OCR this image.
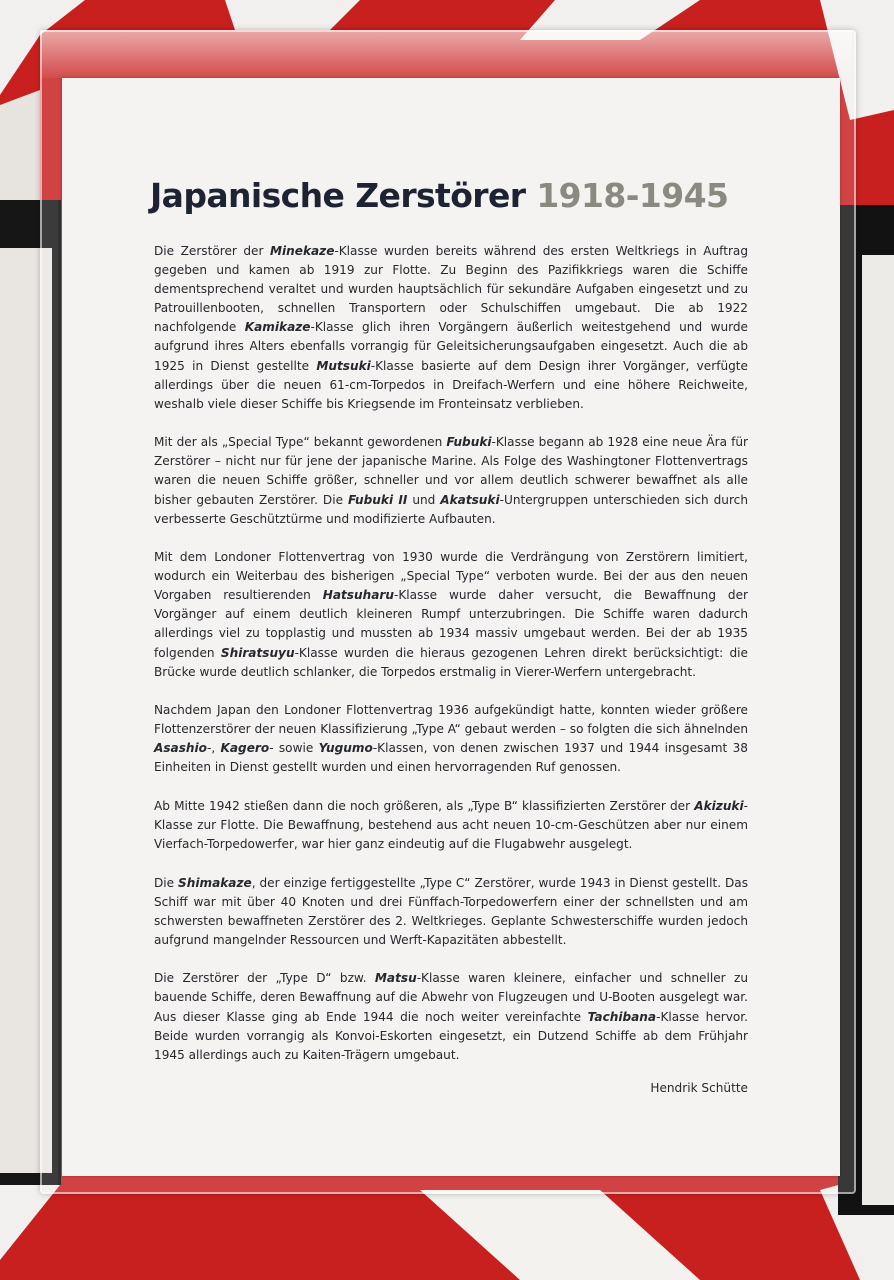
Japanische Zerstörer 1918-1945

Die Zerstörer der Minekaze-Klasse wurden bereits während des ersten Weltkriegs in Auftrag gegeben und kamen ab 1919 zur Flotte. Zu Beginn des Pazifikkriegs waren die Schiffe dementsprechend veraltet und wurden hauptsächlich für sekundäre Aufgaben eingesetzt und zu Patrouillenbooten, schnellen Transportern oder Schulschiffen umgebaut. Die ab 1922 nachfolgende Kamikaze-Klasse glich ihren Vorgängern äußerlich weitestgehend und wurde aufgrund ihres Alters ebenfalls vorrangig für Geleitsicherungsaufgaben eingesetzt. Auch die ab 1925 in Dienst gestellte Mutsuki-Klasse basierte auf dem Design ihrer Vorgänger, verfügte allerdings über die neuen 61-cm-Torpedos in Dreifach-Werfern und eine höhere Reichweite, weshalb viele dieser Schiffe bis Kriegsende im Fronteinsatz verblieben.

Mit der als „Special Type“ bekannt gewordenen Fubuki-Klasse begann ab 1928 eine neue Ära für Zerstörer – nicht nur für jene der japanische Marine. Als Folge des Washingtoner Flottenvertrags waren die neuen Schiffe größer, schneller und vor allem deutlich schwerer bewaffnet als alle bisher gebauten Zerstörer. Die Fubuki II und Akatsuki-Untergruppen unterschieden sich durch verbesserte Geschütztürme und modifizierte Aufbauten.

Mit dem Londoner Flottenvertrag von 1930 wurde die Verdrängung von Zerstörern limitiert, wodurch ein Weiterbau des bisherigen „Special Type“ verboten wurde. Bei der aus den neuen Vorgaben resultierenden Hatsuharu-Klasse wurde daher versucht, die Bewaffnung der Vorgänger auf einem deutlich kleineren Rumpf unterzubringen. Die Schiffe waren dadurch allerdings viel zu topplastig und mussten ab 1934 massiv umgebaut werden. Bei der ab 1935 folgenden Shiratsuyu-Klasse wurden die hieraus gezogenen Lehren direkt berücksichtigt: die Brücke wurde deutlich schlanker, die Torpedos erstmalig in Vierer-Werfern untergebracht.

Nachdem Japan den Londoner Flottenvertrag 1936 aufgekündigt hatte, konnten wieder größere Flottenzerstörer der neuen Klassifizierung „Type A“ gebaut werden – so folgten die sich ähnelnden Asashio-, Kagero- sowie Yugumo-Klassen, von denen zwischen 1937 und 1944 insgesamt 38 Einheiten in Dienst gestellt wurden und einen hervorragenden Ruf genossen.

Ab Mitte 1942 stießen dann die noch größeren, als „Type B“ klassifizierten Zerstörer der Akizuki-Klasse zur Flotte. Die Bewaffnung, bestehend aus acht neuen 10-cm-Geschützen aber nur einem Vierfach-Torpedowerfer, war hier ganz eindeutig auf die Flugabwehr ausgelegt.

Die Shimakaze, der einzige fertiggestellte „Type C“ Zerstörer, wurde 1943 in Dienst gestellt. Das Schiff war mit über 40 Knoten und drei Fünffach-Torpedowerfern einer der schnellsten und am schwersten bewaffneten Zerstörer des 2. Weltkrieges. Geplante Schwesterschiffe wurden jedoch aufgrund mangelnder Ressourcen und Werft-Kapazitäten abbestellt.

Die Zerstörer der „Type D“ bzw. Matsu-Klasse waren kleinere, einfacher und schneller zu bauende Schiffe, deren Bewaffnung auf die Abwehr von Flugzeugen und U-Booten ausgelegt war. Aus dieser Klasse ging ab Ende 1944 die noch weiter vereinfachte Tachibana-Klasse hervor. Beide wurden vorrangig als Konvoi-Eskorten eingesetzt, ein Dutzend Schiffe ab dem Frühjahr 1945 allerdings auch zu Kaiten-Trägern umgebaut.

Hendrik Schütte
